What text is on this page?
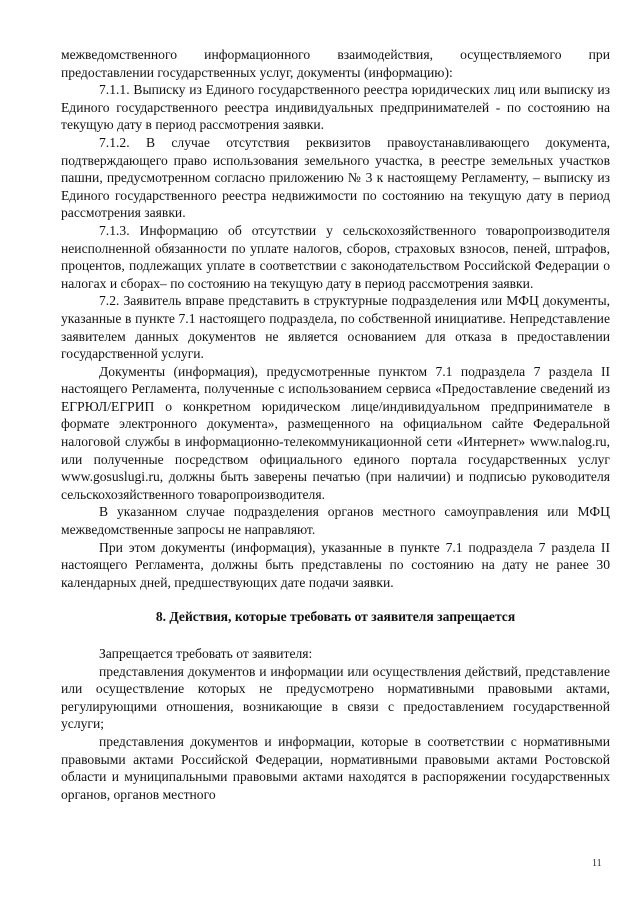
межведомственного информационного взаимодействия, осуществляемого при предоставлении государственных услуг, документы (информацию):

7.1.1. Выписку из Единого государственного реестра юридических лиц или выписку из Единого государственного реестра индивидуальных предпринимателей - по состоянию на текущую дату в период рассмотрения заявки.

7.1.2. В случае отсутствия реквизитов правоустанавливающего документа, подтверждающего право использования земельного участка, в реестре земельных участков пашни, предусмотренном согласно приложению № 3 к настоящему Регламенту, – выписку из Единого государственного реестра недвижимости по состоянию на текущую дату в период рассмотрения заявки.

7.1.3. Информацию об отсутствии у сельскохозяйственного товаропроизводителя неисполненной обязанности по уплате налогов, сборов, страховых взносов, пеней, штрафов, процентов, подлежащих уплате в соответствии с законодательством Российской Федерации о налогах и сборах– по состоянию на текущую дату в период рассмотрения заявки.

7.2. Заявитель вправе представить в структурные подразделения или МФЦ документы, указанные в пункте 7.1 настоящего подраздела, по собственной инициативе. Непредставление заявителем данных документов не является основанием для отказа в предоставлении государственной услуги.

Документы (информация), предусмотренные пунктом 7.1 подраздела 7 раздела II настоящего Регламента, полученные с использованием сервиса «Предоставление сведений из ЕГРЮЛ/ЕГРИП о конкретном юридическом лице/индивидуальном предпринимателе в формате электронного документа», размещенного на официальном сайте Федеральной налоговой службы в информационно-телекоммуникационной сети «Интернет» www.nalog.ru, или полученные посредством официального единого портала государственных услуг www.gosuslugi.ru, должны быть заверены печатью (при наличии) и подписью руководителя сельскохозяйственного товаропроизводителя.

В указанном случае подразделения органов местного самоуправления или МФЦ межведомственные запросы не направляют.

При этом документы (информация), указанные в пункте 7.1 подраздела 7 раздела II настоящего Регламента, должны быть представлены по состоянию на дату не ранее 30 календарных дней, предшествующих дате подачи заявки.

8. Действия, которые требовать от заявителя запрещается

Запрещается требовать от заявителя:

представления документов и информации или осуществления действий, представление или осуществление которых не предусмотрено нормативными правовыми актами, регулирующими отношения, возникающие в связи с предоставлением государственной услуги;

представления документов и информации, которые в соответствии с нормативными правовыми актами Российской Федерации, нормативными правовыми актами Ростовской области и муниципальными правовыми актами находятся в распоряжении государственных органов, органов местного

11
